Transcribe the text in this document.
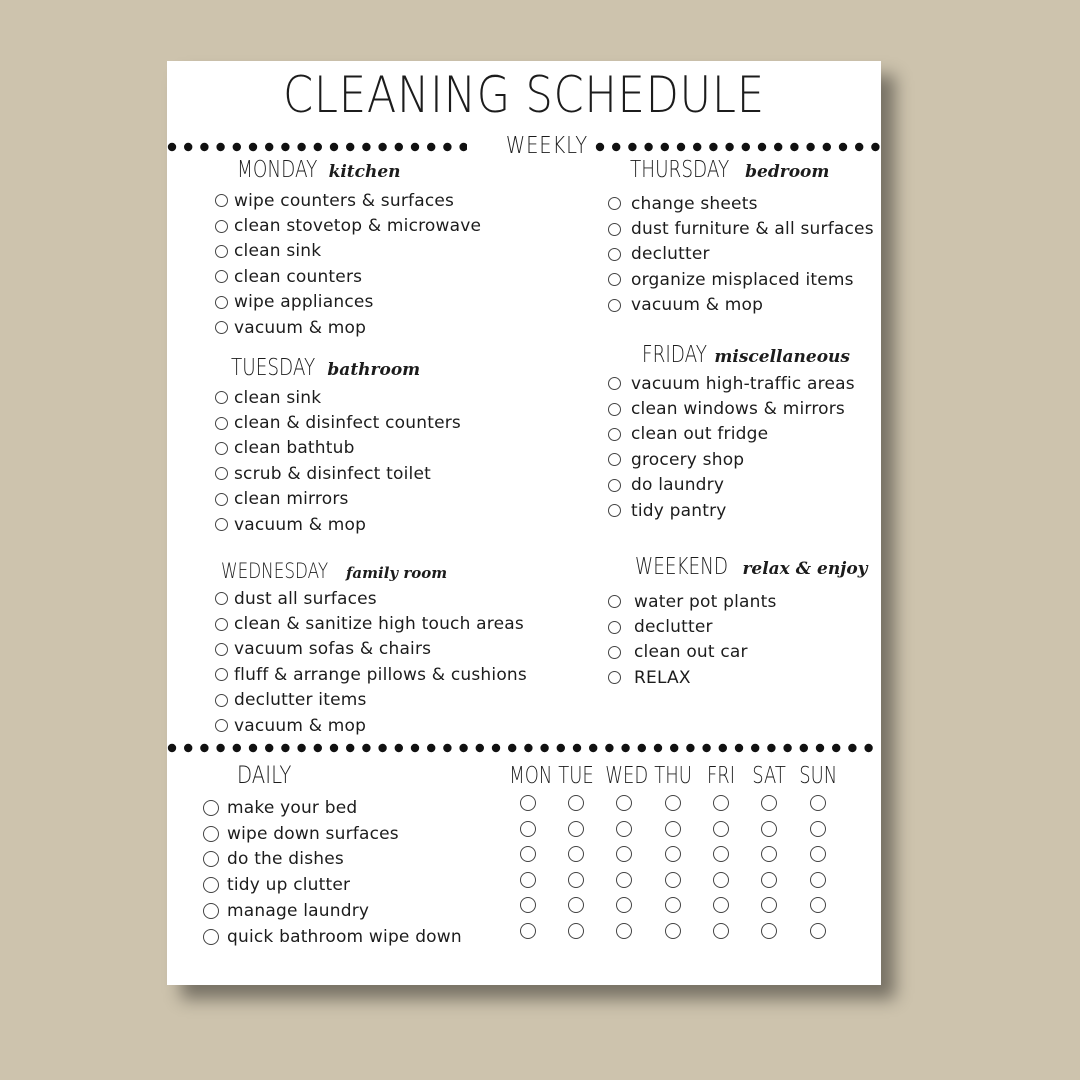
CLEANING SCHEDULE
WEEKLY
MONDAY kitchen
wipe counters & surfaces
clean stovetop & microwave
clean sink
clean counters
wipe appliances
vacuum & mop
TUESDAY bathroom
clean sink
clean & disinfect counters
clean bathtub
scrub & disinfect toilet
clean mirrors
vacuum & mop
WEDNESDAY family room
dust all surfaces
clean & sanitize high touch areas
vacuum sofas & chairs
fluff & arrange pillows & cushions
declutter items
vacuum & mop
THURSDAY bedroom
change sheets
dust furniture & all surfaces
declutter
organize misplaced items
vacuum & mop
FRIDAY miscellaneous
vacuum high-traffic areas
clean windows & mirrors
clean out fridge
grocery shop
do laundry
tidy pantry
WEEKEND relax & enjoy
water pot plants
declutter
clean out car
RELAX
DAILY
make your bed
wipe down surfaces
do the dishes
tidy up clutter
manage laundry
quick bathroom wipe down
MON TUE WED THU FRI SAT SUN
